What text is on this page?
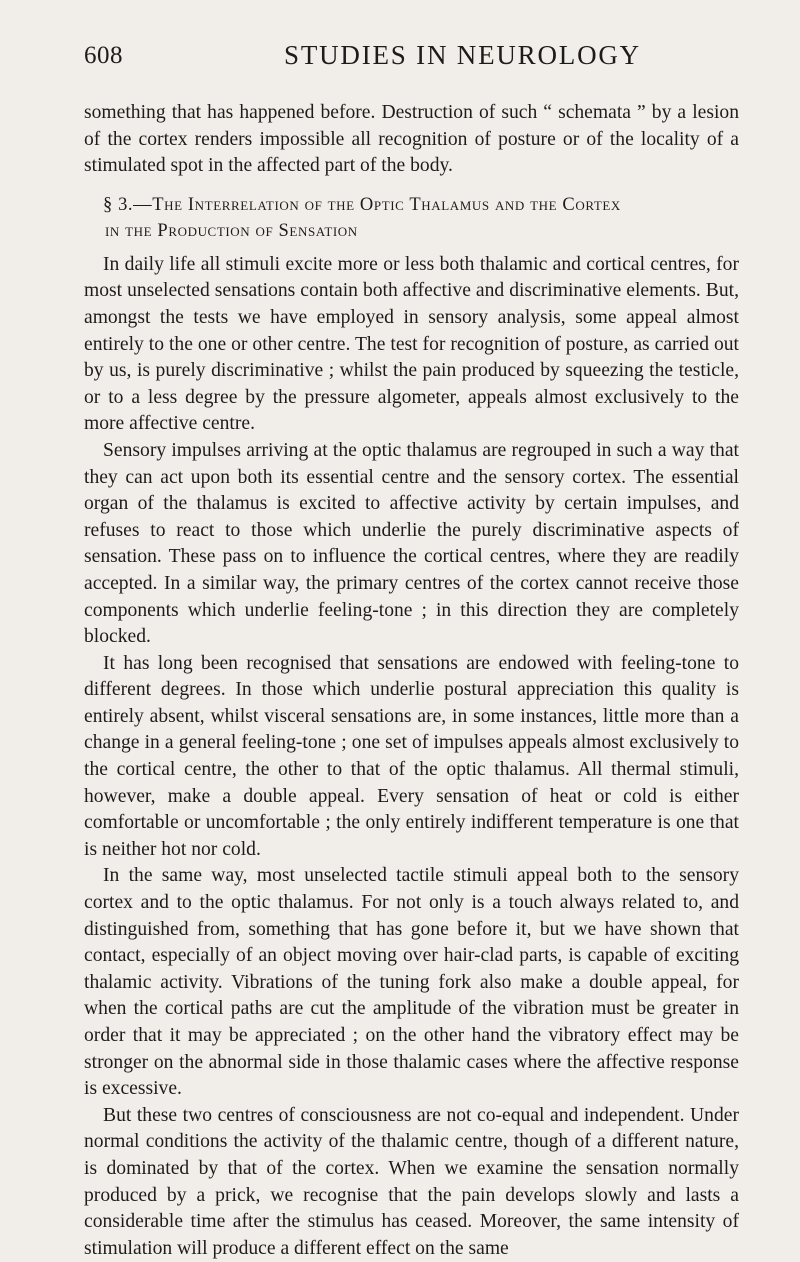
608	STUDIES IN NEUROLOGY

something that has happened before. Destruction of such “ schemata ” by a lesion of the cortex renders impossible all recognition of posture or of the locality of a stimulated spot in the affected part of the body.

§ 3.—The Interrelation of the Optic Thalamus and the Cortex
in the Production of Sensation

In daily life all stimuli excite more or less both thalamic and cortical centres, for most unselected sensations contain both affective and discriminative elements. But, amongst the tests we have employed in sensory analysis, some appeal almost entirely to the one or other centre. The test for recognition of posture, as carried out by us, is purely discriminative ; whilst the pain produced by squeezing the testicle, or to a less degree by the pressure algometer, appeals almost exclusively to the more affective centre.

Sensory impulses arriving at the optic thalamus are regrouped in such a way that they can act upon both its essential centre and the sensory cortex. The essential organ of the thalamus is excited to affective activity by certain impulses, and refuses to react to those which underlie the purely discriminative aspects of sensation. These pass on to influence the cortical centres, where they are readily accepted. In a similar way, the primary centres of the cortex cannot receive those components which underlie feeling-tone ; in this direction they are completely blocked.

It has long been recognised that sensations are endowed with feeling-tone to different degrees. In those which underlie postural appreciation this quality is entirely absent, whilst visceral sensations are, in some instances, little more than a change in a general feeling-tone ; one set of impulses appeals almost exclusively to the cortical centre, the other to that of the optic thalamus. All thermal stimuli, however, make a double appeal. Every sensation of heat or cold is either comfortable or uncomfortable ; the only entirely indifferent temperature is one that is neither hot nor cold.

In the same way, most unselected tactile stimuli appeal both to the sensory cortex and to the optic thalamus. For not only is a touch always related to, and distinguished from, something that has gone before it, but we have shown that contact, especially of an object moving over hair-clad parts, is capable of exciting thalamic activity. Vibrations of the tuning fork also make a double appeal, for when the cortical paths are cut the amplitude of the vibration must be greater in order that it may be appreciated ; on the other hand the vibratory effect may be stronger on the abnormal side in those thalamic cases where the affective response is excessive.

But these two centres of consciousness are not co-equal and independent. Under normal conditions the activity of the thalamic centre, though of a different nature, is dominated by that of the cortex. When we examine the sensation normally produced by a prick, we recognise that the pain develops slowly and lasts a considerable time after the stimulus has ceased. Moreover, the same intensity of stimulation will produce a different effect on the same
